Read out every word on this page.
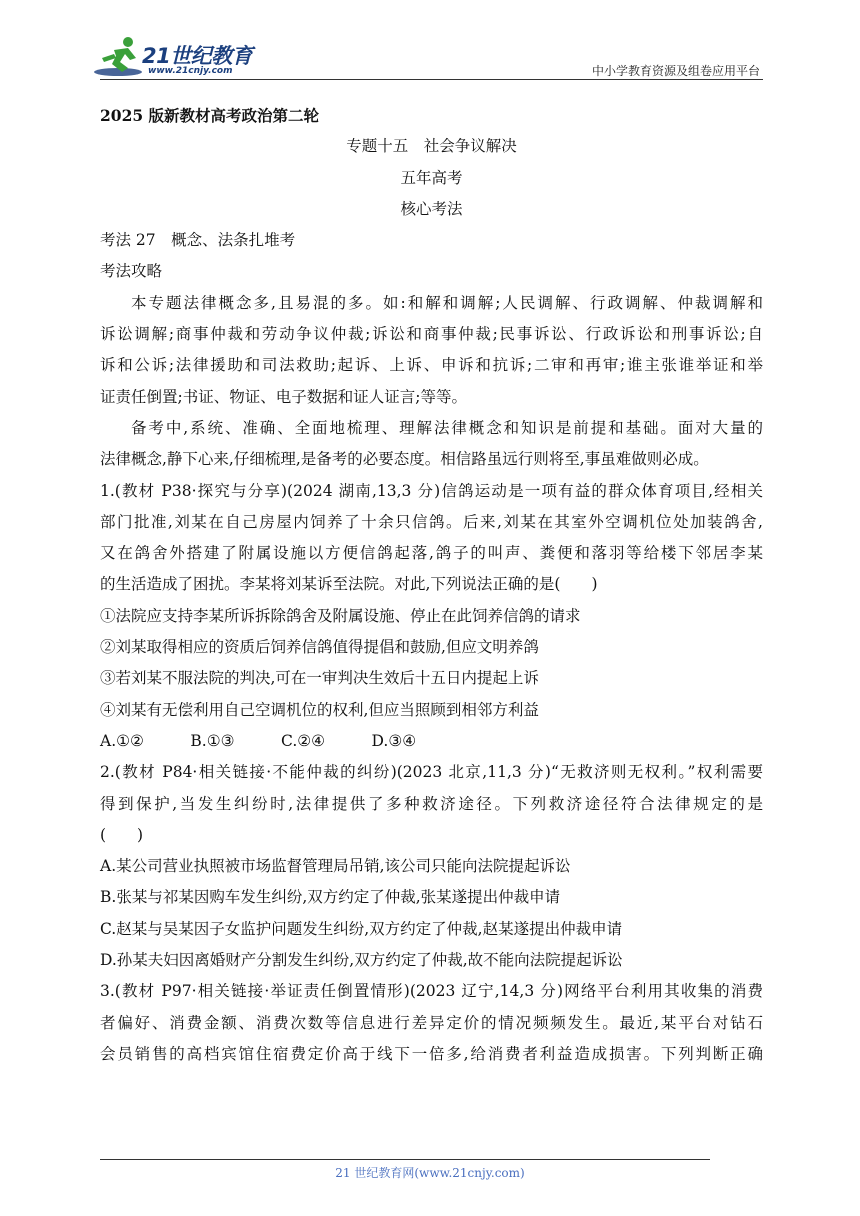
21世纪教育
www.21cnjy.com	中小学教育资源及组卷应用平台
2025 版新教材高考政治第二轮
专题十五　社会争议解决
五年高考
核心考法
考法 27　概念、法条扎堆考
考法攻略
本专题法律概念多,且易混的多。如:和解和调解;人民调解、行政调解、仲裁调解和
诉讼调解;商事仲裁和劳动争议仲裁;诉讼和商事仲裁;民事诉讼、行政诉讼和刑事诉讼;自
诉和公诉;法律援助和司法救助;起诉、上诉、申诉和抗诉;二审和再审;谁主张谁举证和举
证责任倒置;书证、物证、电子数据和证人证言;等等。
备考中,系统、准确、全面地梳理、理解法律概念和知识是前提和基础。面对大量的
法律概念,静下心来,仔细梳理,是备考的必要态度。相信路虽远行则将至,事虽难做则必成。
1.(教材 P38·探究与分享)(2024 湖南,13,3 分)信鸽运动是一项有益的群众体育项目,经相关
部门批准,刘某在自己房屋内饲养了十余只信鸽。后来,刘某在其室外空调机位处加装鸽舍,
又在鸽舍外搭建了附属设施以方便信鸽起落,鸽子的叫声、粪便和落羽等给楼下邻居李某
的生活造成了困扰。李某将刘某诉至法院。对此,下列说法正确的是(　　)
①法院应支持李某所诉拆除鸽舍及附属设施、停止在此饲养信鸽的请求
②刘某取得相应的资质后饲养信鸽值得提倡和鼓励,但应文明养鸽
③若刘某不服法院的判决,可在一审判决生效后十五日内提起上诉
④刘某有无偿利用自己空调机位的权利,但应当照顾到相邻方利益
A.①②　　　B.①③　　　C.②④　　　D.③④
2.(教材 P84·相关链接·不能仲裁的纠纷)(2023 北京,11,3 分)“无救济则无权利。”权利需要
得到保护,当发生纠纷时,法律提供了多种救济途径。下列救济途径符合法律规定的是
(　　)
A.某公司营业执照被市场监督管理局吊销,该公司只能向法院提起诉讼
B.张某与祁某因购车发生纠纷,双方约定了仲裁,张某遂提出仲裁申请
C.赵某与吴某因子女监护问题发生纠纷,双方约定了仲裁,赵某遂提出仲裁申请
D.孙某夫妇因离婚财产分割发生纠纷,双方约定了仲裁,故不能向法院提起诉讼
3.(教材 P97·相关链接·举证责任倒置情形)(2023 辽宁,14,3 分)网络平台利用其收集的消费
者偏好、消费金额、消费次数等信息进行差异定价的情况频频发生。最近,某平台对钻石
会员销售的高档宾馆住宿费定价高于线下一倍多,给消费者利益造成损害。下列判断正确
21 世纪教育网(www.21cnjy.com)
